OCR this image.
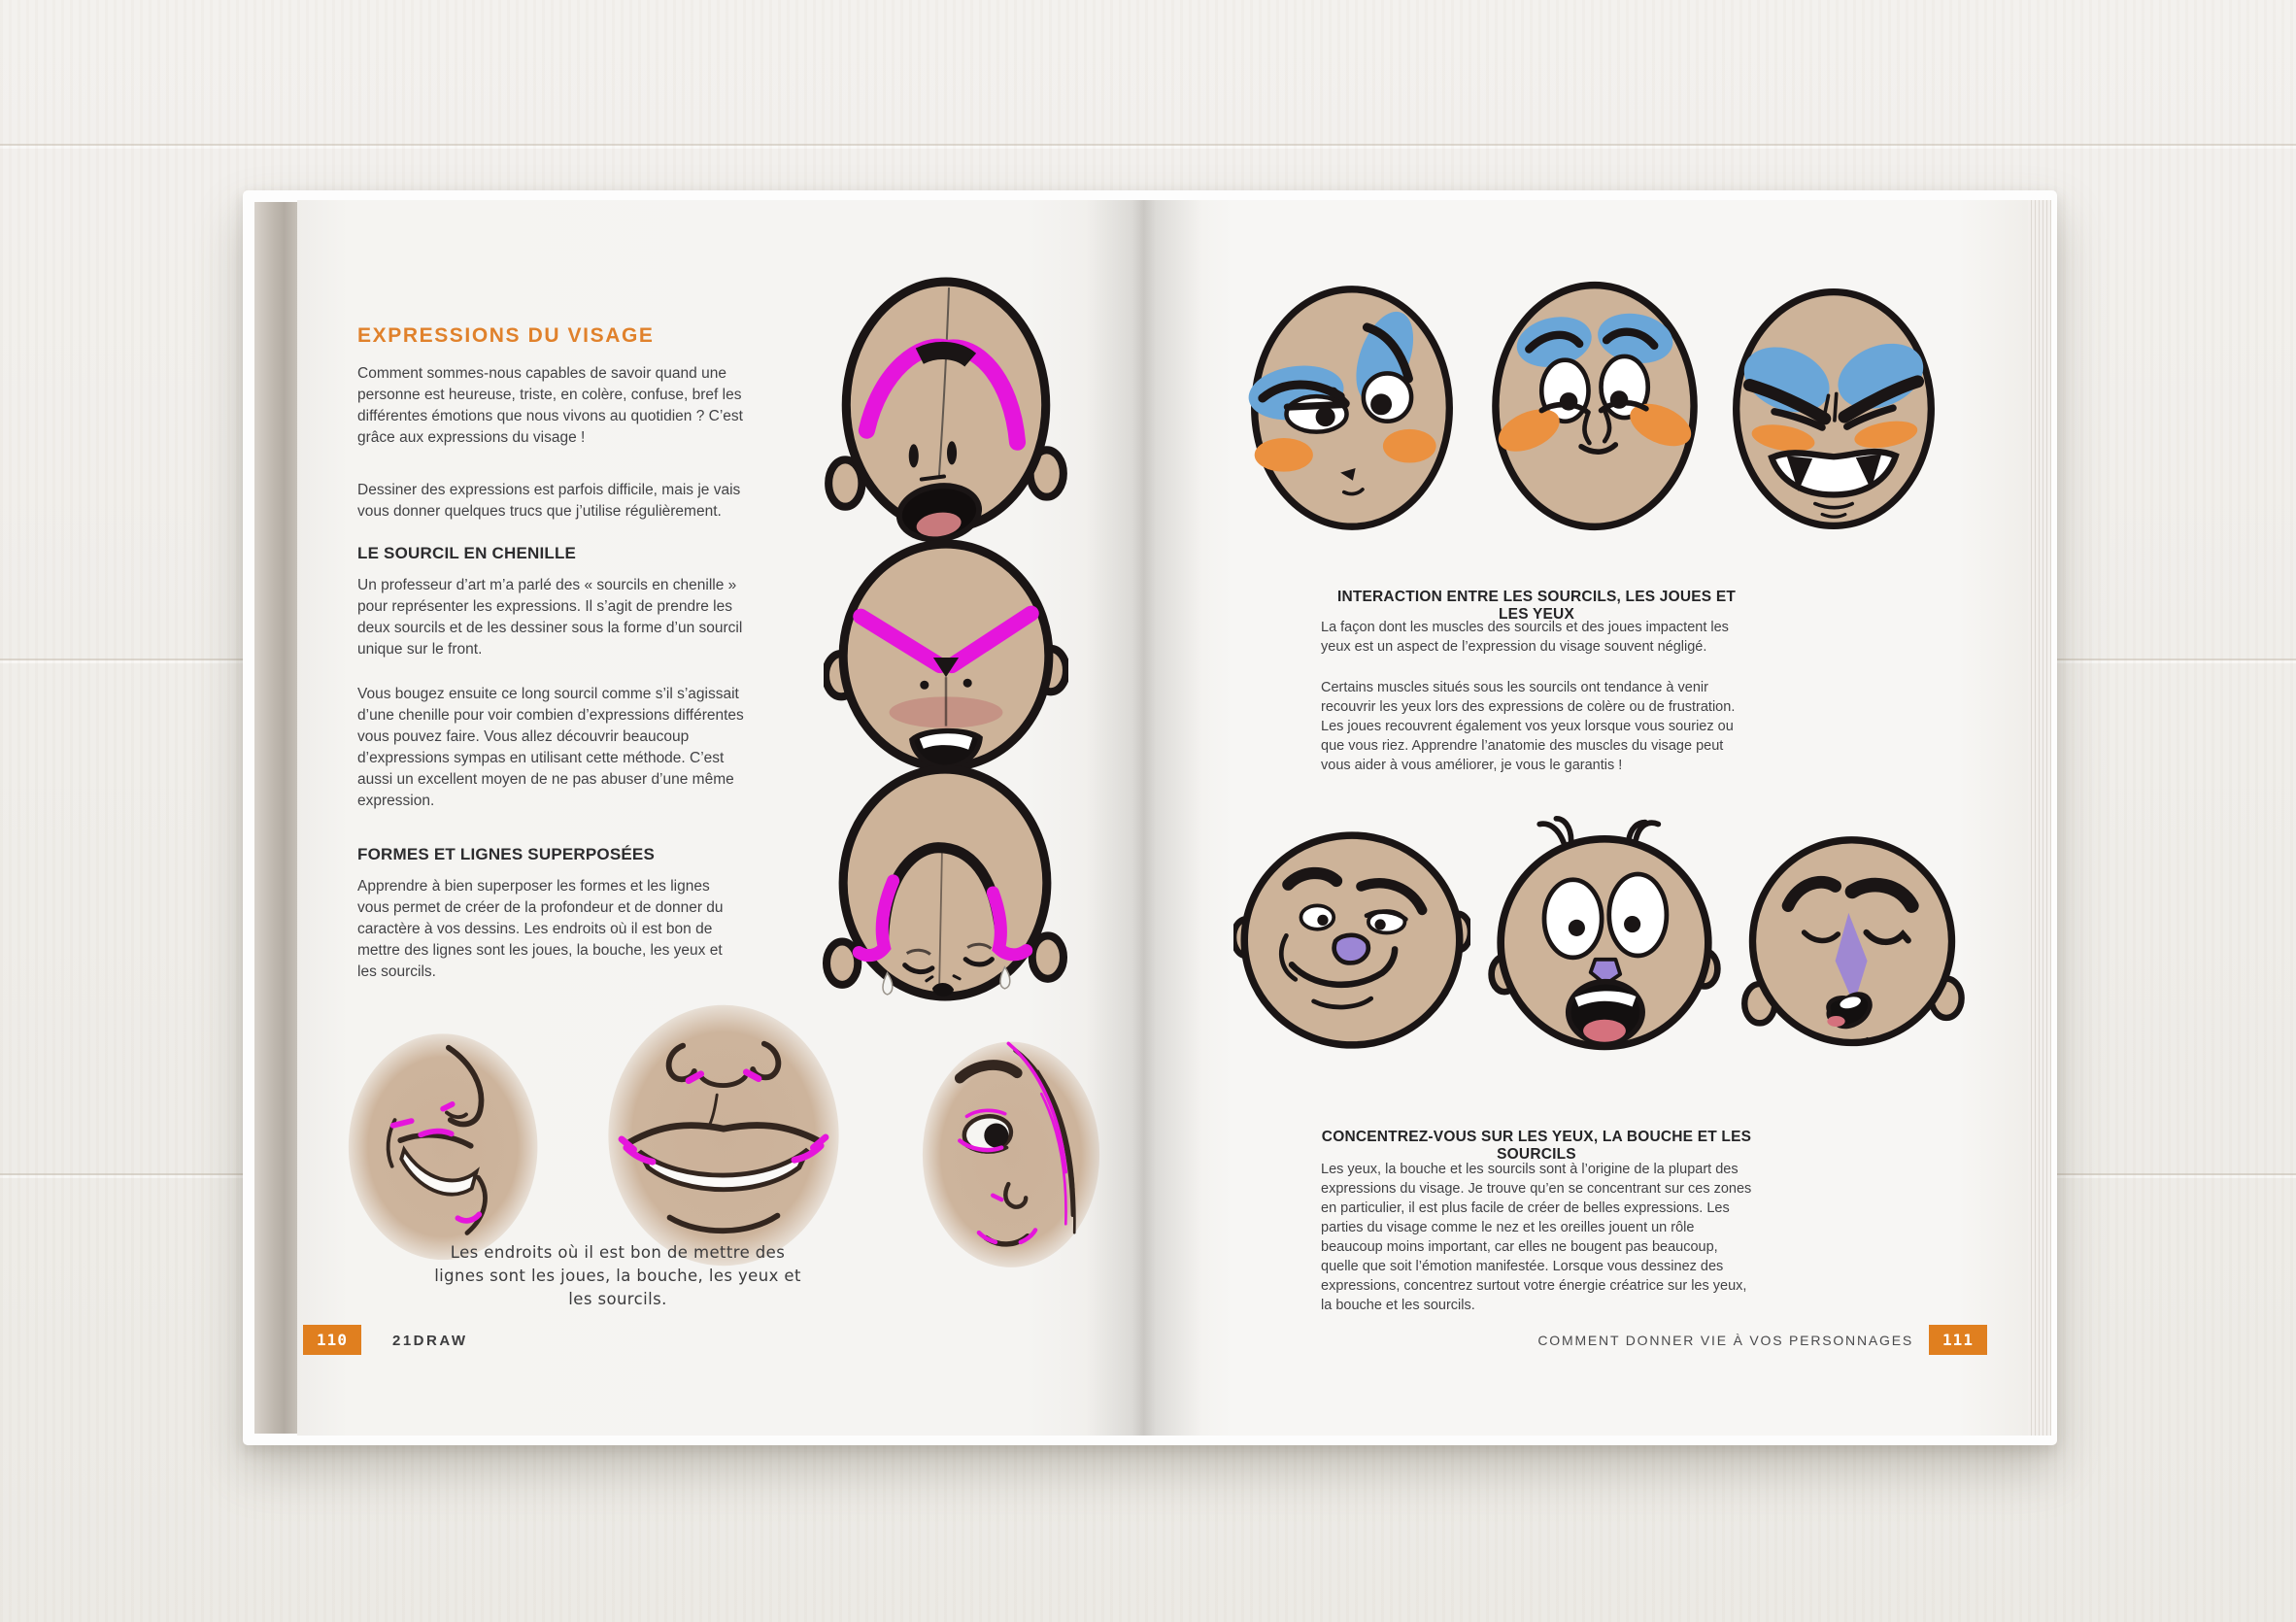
EXPRESSIONS DU VISAGE
Comment sommes-nous capables de savoir quand une personne est heureuse, triste, en colère, confuse, bref les différentes émotions que nous vivons au quotidien ? C’est grâce aux expressions du visage !
Dessiner des expressions est parfois difficile, mais je vais vous donner quelques trucs que j’utilise régulièrement.
LE SOURCIL EN CHENILLE
Un professeur d’art m’a parlé des « sourcils en chenille » pour représenter les expressions. Il s’agit de prendre les deux sourcils et de les dessiner sous la forme d’un sourcil unique sur le front.
Vous bougez ensuite ce long sourcil comme s’il s’agissait d’une chenille pour voir combien d’expressions différentes vous pouvez faire. Vous allez découvrir beaucoup d’expressions sympas en utilisant cette méthode. C’est aussi un excellent moyen de ne pas abuser d’une même expression.
FORMES ET LIGNES SUPERPOSÉES
Apprendre à bien superposer les formes et les lignes vous permet de créer de la profondeur et de donner du caractère à vos dessins. Les endroits où il est bon de mettre des lignes sont les joues, la bouche, les yeux et les sourcils.
Les endroits où il est bon de mettre des lignes sont les joues, la bouche, les yeux et les sourcils.
110	21DRAW
INTERACTION ENTRE LES SOURCILS, LES JOUES ET LES YEUX
La façon dont les muscles des sourcils et des joues impactent les yeux est un aspect de l’expression du visage souvent négligé.
Certains muscles situés sous les sourcils ont tendance à venir recouvrir les yeux lors des expressions de colère ou de frustration. Les joues recouvrent également vos yeux lorsque vous souriez ou que vous riez. Apprendre l’anatomie des muscles du visage peut vous aider à vous améliorer, je vous le garantis !
CONCENTREZ-VOUS SUR LES YEUX, LA BOUCHE ET LES SOURCILS
Les yeux, la bouche et les sourcils sont à l’origine de la plupart des expressions du visage. Je trouve qu’en se concentrant sur ces zones en particulier, il est plus facile de créer de belles expressions. Les parties du visage comme le nez et les oreilles jouent un rôle beaucoup moins important, car elles ne bougent pas beaucoup, quelle que soit l’émotion manifestée. Lorsque vous dessinez des expressions, concentrez surtout votre énergie créatrice sur les yeux, la bouche et les sourcils.
COMMENT DONNER VIE À VOS PERSONNAGES	111
